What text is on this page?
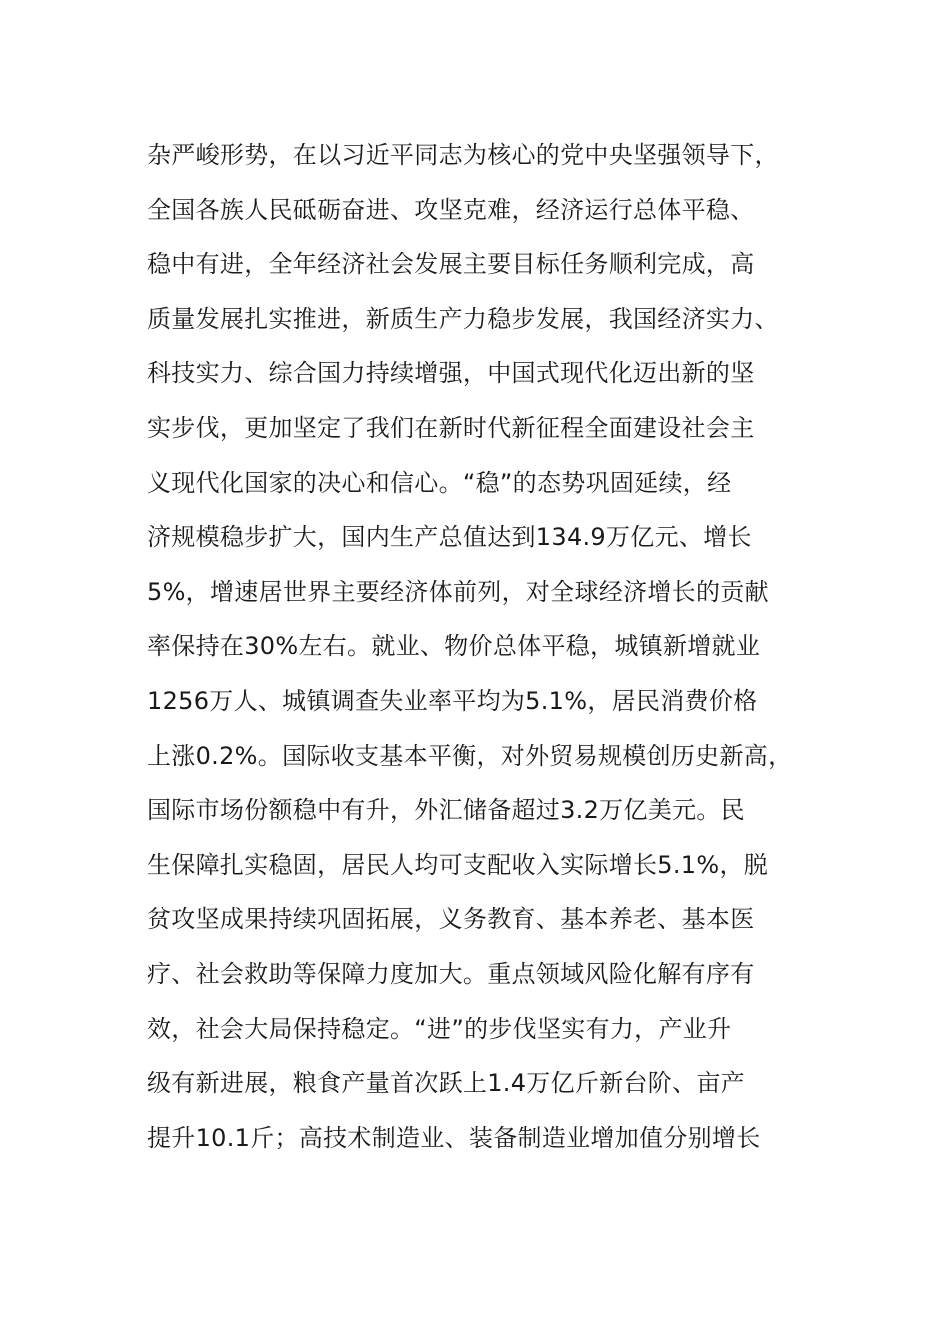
杂严峻形势，在以习近平同志为核心的党中央坚强领导下，
全国各族人民砥砺奋进、攻坚克难，经济运行总体平稳、
稳中有进，全年经济社会发展主要目标任务顺利完成，高
质量发展扎实推进，新质生产力稳步发展，我国经济实力、
科技实力、综合国力持续增强，中国式现代化迈出新的坚
实步伐，更加坚定了我们在新时代新征程全面建设社会主
义现代化国家的决心和信心。“稳”的态势巩固延续，经
济规模稳步扩大，国内生产总值达到134.9万亿元、增长
5%，增速居世界主要经济体前列，对全球经济增长的贡献
率保持在30%左右。就业、物价总体平稳，城镇新增就业
1256万人、城镇调查失业率平均为5.1%，居民消费价格
上涨0.2%。国际收支基本平衡，对外贸易规模创历史新高，
国际市场份额稳中有升，外汇储备超过3.2万亿美元。民
生保障扎实稳固，居民人均可支配收入实际增长5.1%，脱
贫攻坚成果持续巩固拓展，义务教育、基本养老、基本医
疗、社会救助等保障力度加大。重点领域风险化解有序有
效，社会大局保持稳定。“进”的步伐坚实有力，产业升
级有新进展，粮食产量首次跃上1.4万亿斤新台阶、亩产
提升10.1斤；高技术制造业、装备制造业增加值分别增长
